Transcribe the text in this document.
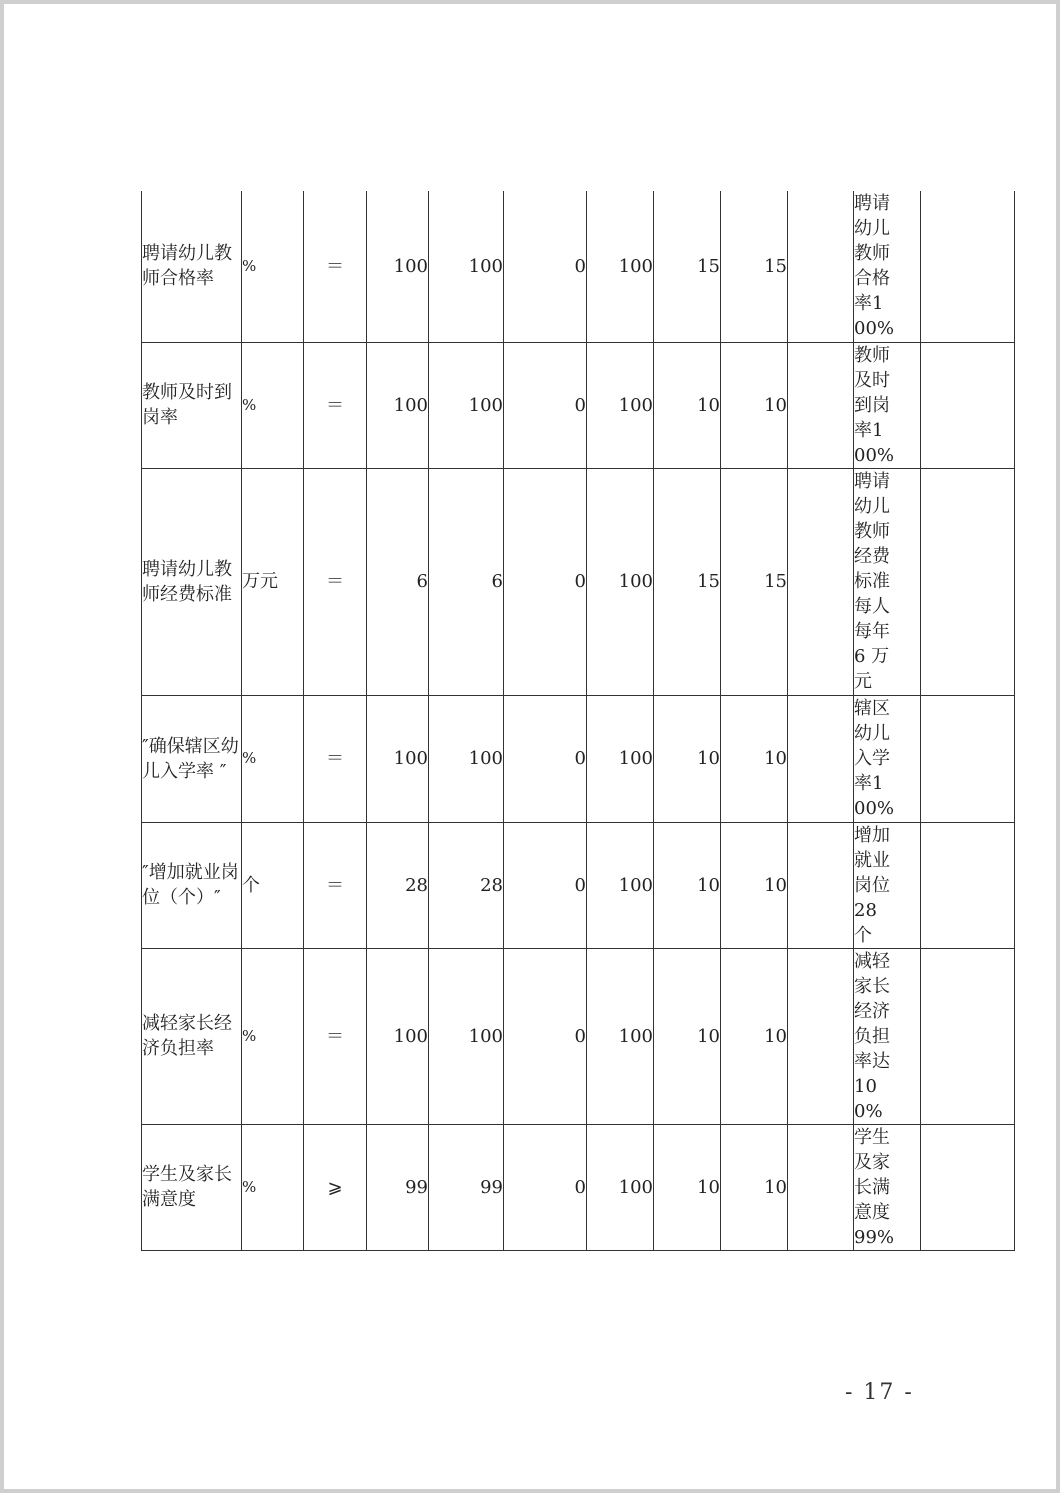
聘请幼儿教师合格率	%	＝	100	100	0	100	15	15		聘请幼儿教师合格率100%	

教师及时到岗率	%	＝	100	100	0	100	10	10		教师及时到岗率100%	

聘请幼儿教师经费标准	万元	＝	6	6	0	100	15	15		聘请幼儿教师经费标准每人每年6 万元	

″确保辖区幼儿入学率 ″	%	＝	100	100	0	100	10	10		辖区幼儿入学率100%	

″增加就业岗位（个）″	个	＝	28	28	0	100	10	10		增加就业岗位28 个	

减轻家长经济负担率	%	＝	100	100	0	100	10	10		减轻家长经济负担率达100%	

学生及家长满意度	%	⩾	99	99	0	100	10	10		学生及家长满意度99%	

- 17 -
